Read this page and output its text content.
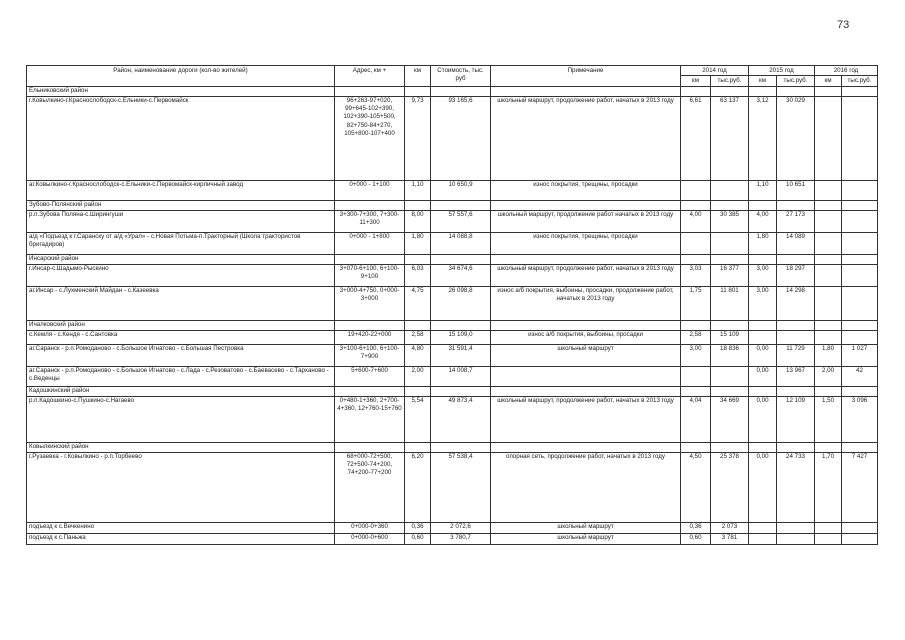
73
Район, наименование дороги (кол-во жителей)	Адрес, км +	км	Стоимость, тыс. руб	Примечание	2014 год		2015 год		2016 год	
					км	тыс.руб.	км	тыс.руб.	км	тыс.руб.
Ельниковский район										
г.Ковылкино-г.Краснослободск-с.Ельники-с.Первомайск	96+263-97+020, 99+645-102+390, 102+390-105+500, 82+750-84+270, 105+800-107+400	9,73	93 165,6	школьный маршрут, продолжение работ, начатых в 2013 году	6,61	63 137	3,12	30 029		
аг.Ковылкино-г.Краснослободск-с.Ельники-с.Первомайск-кирпичный завод	0+000 - 1+100	1,10	10 650,9	износ покрытия, трещины, просадки			1,10	10 651		
Зубово-Полянский район										
р.п.Зубова Поляна-с.Ширингуши	3+300-7+300, 7+300-11+300	8,00	57 557,6	школьный маршрут, продолжение работ начатых в 2013 году	4,00	30 385	4,00	27 173		
а/д «Подъезд к г.Саранску от а/д «Урал» - с.Новая Потьма-п.Тракторный (Школа трактористов бригадиров)	0+000 - 1+800	1,80	14 088,8	износ покрытия, трещины, просадки			1,80	14 089		
Инсарский район										
г.Инсар-с.Шадымо-Рыскино	3+070-6+100, 6+100-9+100	6,03	34 674,6	школьный маршрут, продолжение работ, начатых в 2013 году	3,03	16 377	3,00	18 297		
аг.Инсар - с.Лухменский Майдан - с.Казеевка	3+000-4+750, 0+000-3+000	4,75	26 098,8	износ а/б покрытия, выбоины, просадки, продолжение работ, начатых в 2013 году	1,75	11 801	3,00	14 298		
Ичалковский район										
с.Кемля - с.Кендя - с.Сантовка	19+420-22+000	2,58	15 109,0	износ а/б покрытия, выбоины, просадки	2,58	15 109				
аг.Саранск - р.п.Ромоданово - с.Большое Игнатово - с.Большая Пестровка	3+100-6+100, 6+100-7+900	4,80	31 591,4	школьный маршрут	3,00	18 836	0,00	11 729	1,80	1 027
аг.Саранск - р.п.Ромоданово - с.Большое Игнатово - с.Лада - с.Резоватово - с.Баевасево - с.Тарханово - с.Веденцы	5+600-7+600	2,00	14 008,7				0,00	13 967	2,00	42
Кадошкинский район										
р.п.Кадошкино-с.Пушкино-с.Нагаево	0+480-1+360, 2+700-4+360, 12+760-15+760	5,54	49 873,4	школьный маршрут, продолжение работ, начатых в 2013 году	4,04	34 669	0,00	12 109	1,50	3 096
Ковылкинский район										
г.Рузаевка - г.Ковылкино - р.п.Торбеево	68+000-72+500, 72+500-74+200, 74+200-77+200	6,20	57 538,4	опорная сеть, продолжение работ, начатых в 2013 году	4,50	25 378	0,00	24 733	1,70	7 427
подъезд к с.Вечкенино	0+000-0+360	0,36	2 072,6	школьный маршрут	0,36	2 073				
подъезд к с.Паньжа	0+000-0+600	0,60	3 780,7	школьный маршрут	0,60	3 781				
